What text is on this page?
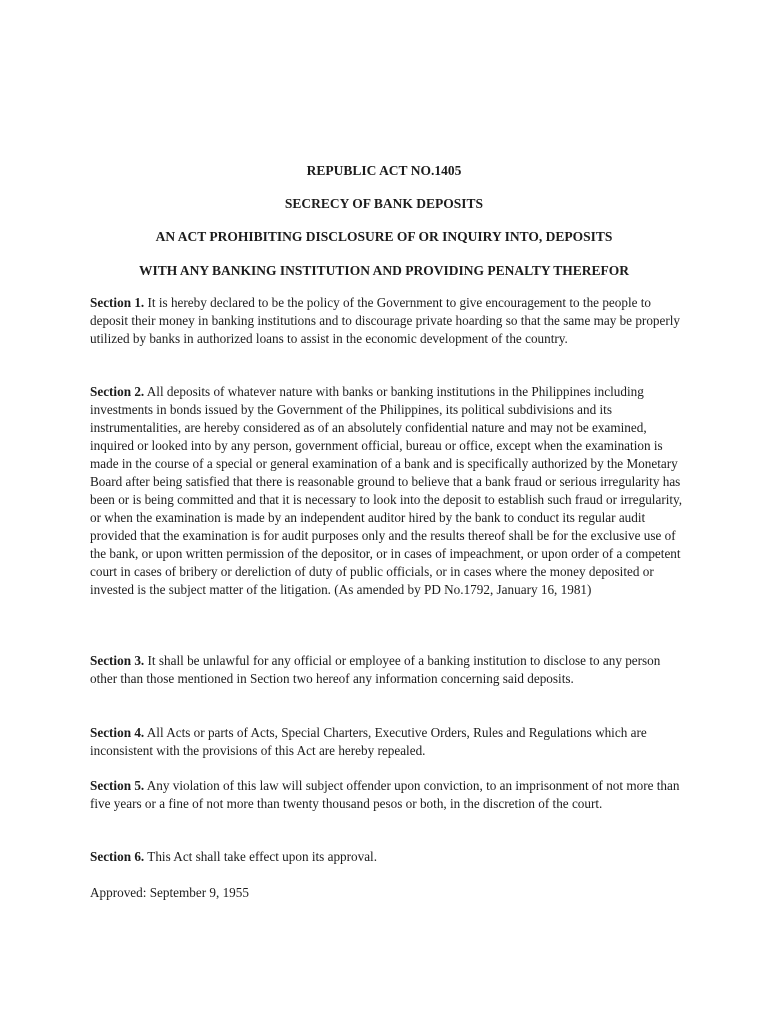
REPUBLIC ACT NO.1405
SECRECY OF BANK DEPOSITS
AN ACT PROHIBITING DISCLOSURE OF OR INQUIRY INTO, DEPOSITS
WITH ANY BANKING INSTITUTION AND PROVIDING PENALTY THEREFOR

Section 1. It is hereby declared to be the policy of the Government to give encouragement to the people to deposit their money in banking institutions and to discourage private hoarding so that the same may be properly utilized by banks in authorized loans to assist in the economic development of the country.

Section 2. All deposits of whatever nature with banks or banking institutions in the Philippines including investments in bonds issued by the Government of the Philippines, its political subdivisions and its instrumentalities, are hereby considered as of an absolutely confidential nature and may not be examined, inquired or looked into by any person, government official, bureau or office, except when the examination is made in the course of a special or general examination of a bank and is specifically authorized by the Monetary Board after being satisfied that there is reasonable ground to believe that a bank fraud or serious irregularity has been or is being committed and that it is necessary to look into the deposit to establish such fraud or irregularity, or when the examination is made by an independent auditor hired by the bank to conduct its regular audit provided that the examination is for audit purposes only and the results thereof shall be for the exclusive use of the bank, or upon written permission of the depositor, or in cases of impeachment, or upon order of a competent court in cases of bribery or dereliction of duty of public officials, or in cases where the money deposited or invested is the subject matter of the litigation. (As amended by PD No.1792, January 16, 1981)

Section 3. It shall be unlawful for any official or employee of a banking institution to disclose to any person other than those mentioned in Section two hereof any information concerning said deposits.

Section 4. All Acts or parts of Acts, Special Charters, Executive Orders, Rules and Regulations which are inconsistent with the provisions of this Act are hereby repealed.

Section 5. Any violation of this law will subject offender upon conviction, to an imprisonment of not more than five years or a fine of not more than twenty thousand pesos or both, in the discretion of the court.

Section 6. This Act shall take effect upon its approval.

Approved: September 9, 1955
